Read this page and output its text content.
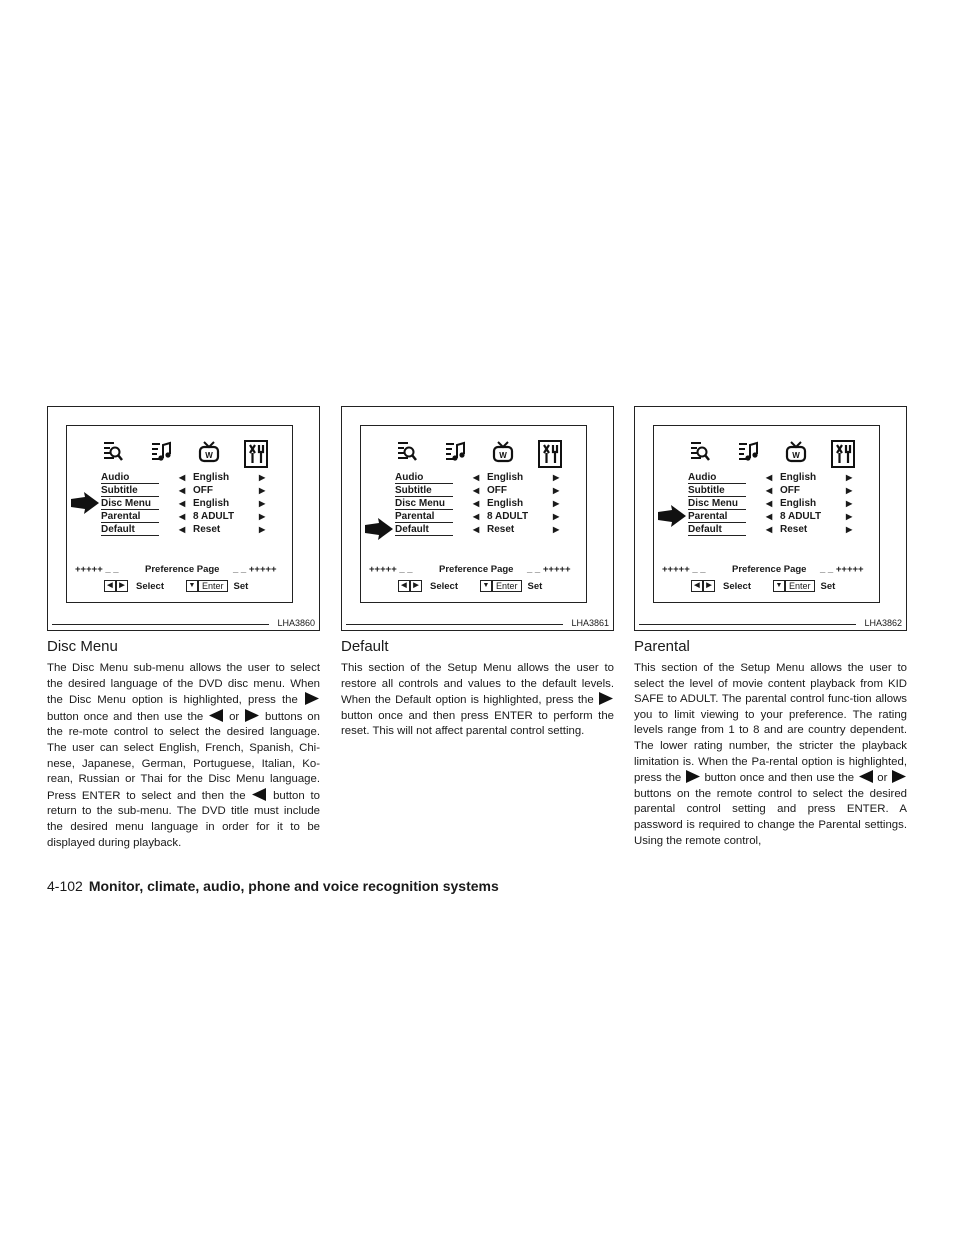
W
Audio	◀ English	▶
Subtitle	◀ OFF	▶
Disc Menu	◀ English	▶
Parental	◀ 8 ADULT	▶
Default	◀ Reset	▶
+++++ _ _	Preference Page _ _ +++++
◀ ▶ Select	▼ Enter Set
LHA3860
Disc Menu

The Disc Menu sub-menu allows the user to select the desired language of the DVD disc menu. When the Disc Menu option is highlighted, press the  button once and then use the or buttons on the re-mote control to select the desired language. The user can select English, French, Spanish, Chi-nese, Japanese, German, Portuguese, Italian, Ko-rean, Russian or Thai for the Disc Menu language. Press ENTER to select and then the button to return to the sub-menu. The DVD title must include the desired menu language in order for it to be displayed during playback.

W
Audio	◀ English	▶
Subtitle	◀ OFF	▶
Disc Menu	◀ English	▶
Parental	◀ 8 ADULT	▶
Default	◀ Reset	▶
+++++ _ _	Preference Page _ _ +++++
◀ ▶ Select	▼ Enter Set
LHA3861
Default

This section of the Setup Menu allows the user to restore all controls and values to the default levels. When the Default option is highlighted, press the  button once and then press ENTER to perform the reset. This will not affect parental control setting.

W
Audio	◀ English	▶
Subtitle	◀ OFF	▶
Disc Menu	◀ English	▶
Parental	◀ 8 ADULT	▶
Default	◀ Reset	▶
+++++ _ _	Preference Page _ _ +++++
◀ ▶ Select	▼ Enter Set
LHA3862
Parental

This section of the Setup Menu allows the user to select the level of movie content playback from KID SAFE to ADULT. The parental control func-tion allows you to limit viewing to your preference. The rating levels range from 1 to 8 and are country dependent. The lower rating number, the stricter the playback limitation is. When the Pa-rental option is highlighted, press the button once and then use the or  buttons on the remote control to select the desired parental control setting and press ENTER. A password is required to change the Parental settings. Using the remote control,

4-102 Monitor, climate, audio, phone and voice recognition systems
